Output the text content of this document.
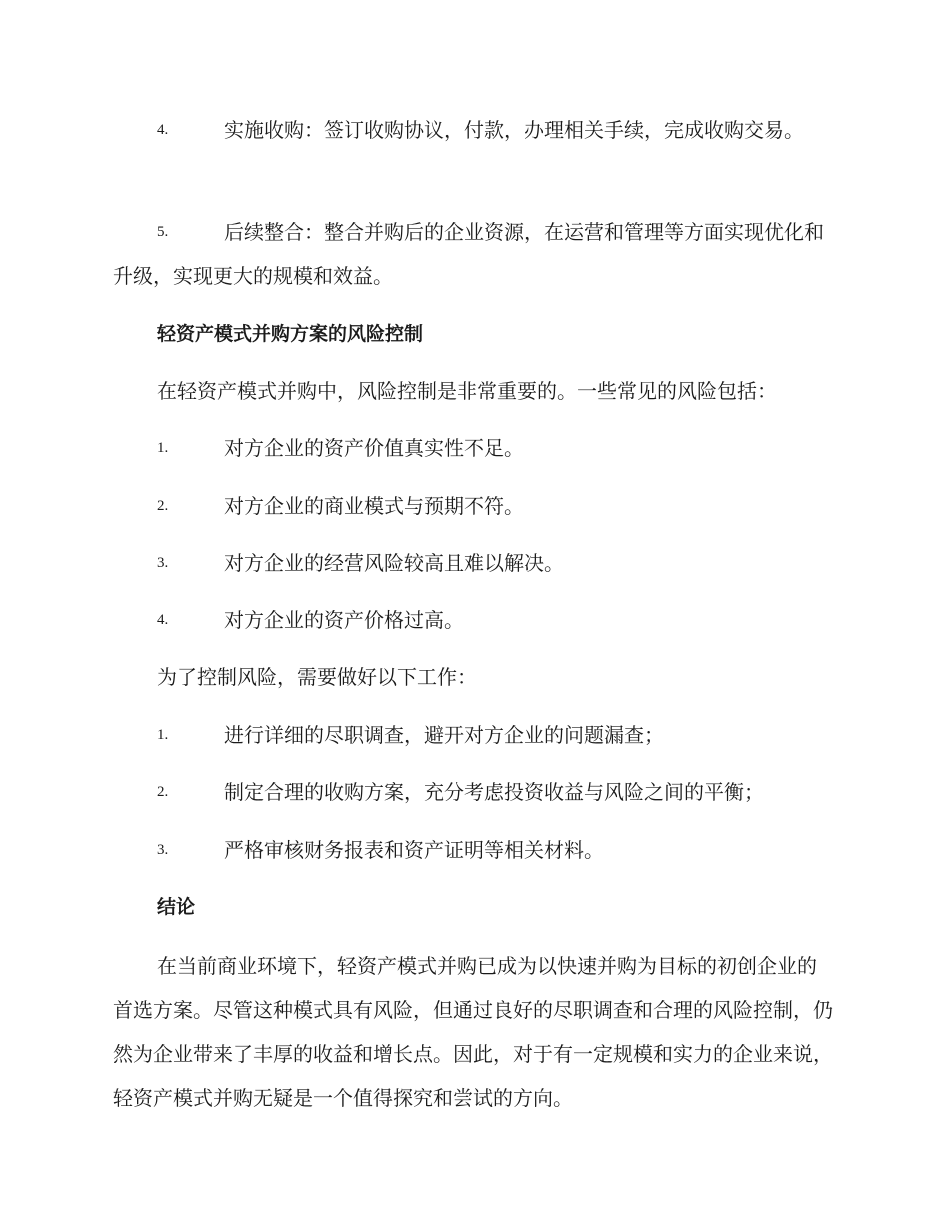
4.	实施收购：签订收购协议，付款，办理相关手续，完成收购交易。
5.	后续整合：整合并购后的企业资源，在运营和管理等方面实现优化和升级，实现更大的规模和效益。

轻资产模式并购方案的风险控制

在轻资产模式并购中，风险控制是非常重要的。一些常见的风险包括：

1.	对方企业的资产价值真实性不足。
2.	对方企业的商业模式与预期不符。
3.	对方企业的经营风险较高且难以解决。
4.	对方企业的资产价格过高。

为了控制风险，需要做好以下工作：

1.	进行详细的尽职调查，避开对方企业的问题漏查；
2.	制定合理的收购方案，充分考虑投资收益与风险之间的平衡；
3.	严格审核财务报表和资产证明等相关材料。

结论

在当前商业环境下，轻资产模式并购已成为以快速并购为目标的初创企业的首选方案。尽管这种模式具有风险，但通过良好的尽职调查和合理的风险控制，仍然为企业带来了丰厚的收益和增长点。因此，对于有一定规模和实力的企业来说，轻资产模式并购无疑是一个值得探究和尝试的方向。
